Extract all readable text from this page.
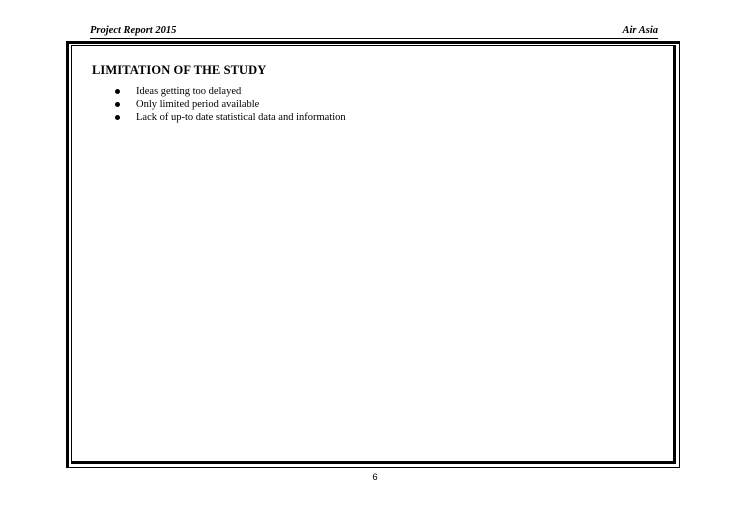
Project Report 2015	Air Asia
LIMITATION OF THE STUDY
Ideas getting too delayed
Only limited period available
Lack of up-to date statistical data and information
6
